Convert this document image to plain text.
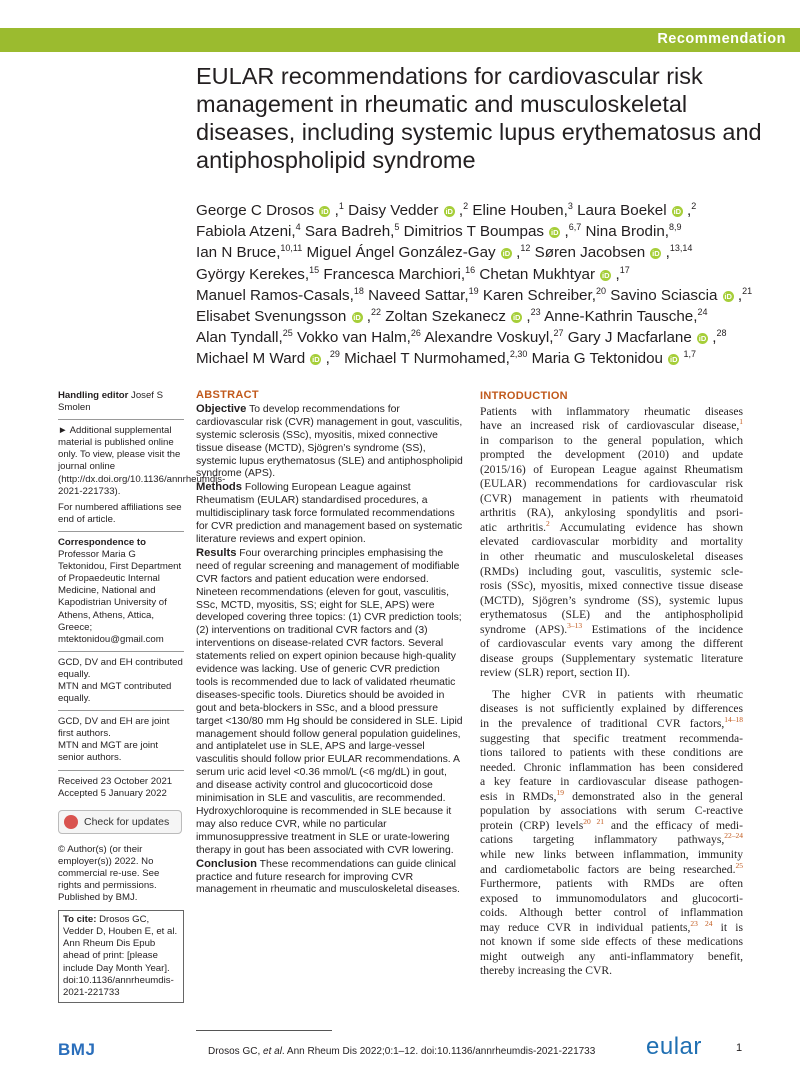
Recommendation
EULAR recommendations for cardiovascular risk
management in rheumatic and musculoskeletal
diseases, including systemic lupus erythematosus and
antiphospholipid syndrome
George C Drosos iD ,$^1$ Daisy Vedder iD ,$^2$ Eline Houben,$^3$ Laura Boekel iD ,$^2$
Fabiola Atzeni,$^4$ Sara Badreh,$^5$ Dimitrios T Boumpas iD ,$^{6,7}$ Nina Brodin,$^{8,9}$
Ian N Bruce,$^{10,11}$ Miguel Ángel González-Gay iD ,$^{12}$ Søren Jacobsen iD ,$^{13,14}$
György Kerekes,$^{15}$ Francesca Marchiori,$^{16}$ Chetan Mukhtyar iD ,$^{17}$
Manuel Ramos-Casals,$^{18}$ Naveed Sattar,$^{19}$ Karen Schreiber,$^{20}$ Savino Sciascia iD ,$^{21}$
Elisabet Svenungsson iD ,$^{22}$ Zoltan Szekanecz iD ,$^{23}$ Anne-Kathrin Tausche,$^{24}$
Alan Tyndall,$^{25}$ Vokko van Halm,$^{26}$ Alexandre Voskuyl,$^{27}$ Gary J Macfarlane iD ,$^{28}$
Michael M Ward iD ,$^{29}$ Michael T Nurmohamed,$^{2,30}$ Maria G Tektonidou iD $^{1,7}$

Handling editor Josef S Smolen

► Additional supplemental material is published online only. To view, please visit the journal online (http://dx.doi.org/10.1136/annrheumdis-2021-221733).

For numbered affiliations see end of article.

Correspondence to

Professor Maria G Tektonidou, First Department of Propaedeutic Internal Medicine, National and Kapodistrian University of Athens, Athens, Attica, Greece; mtektonidou@gmail.com

GCD, DV and EH contributed equally.

MTN and MGT contributed equally.

GCD, DV and EH are joint first authors.

MTN and MGT are joint senior authors.

Received 23 October 2021

Accepted 5 January 2022

Check for updates

© Author(s) (or their employer(s)) 2022. No commercial re-use. See rights and permissions. Published by BMJ.

To cite: Drosos GC, Vedder D, Houben E, et al. Ann Rheum Dis Epub ahead of print: [please include Day Month Year]. doi:10.1136/annrheumdis-2021-221733
ABSTRACT

Objective To develop recommendations for cardiovascular risk (CVR) management in gout, vasculitis, systemic sclerosis (SSc), myositis, mixed connective tissue disease (MCTD), Sjögren’s syndrome (SS), systemic lupus erythematosus (SLE) and antiphospholipid syndrome (APS).

Methods Following European League against Rheumatism (EULAR) standardised procedures, a multidisciplinary task force formulated recommendations for CVR prediction and management based on systematic literature reviews and expert opinion.

Results Four overarching principles emphasising the need of regular screening and management of modifiable CVR factors and patient education were endorsed. Nineteen recommendations (eleven for gout, vasculitis, SSc, MCTD, myositis, SS; eight for SLE, APS) were developed covering three topics: (1) CVR prediction tools; (2) interventions on traditional CVR factors and (3) interventions on disease-related CVR factors. Several statements relied on expert opinion because high-quality evidence was lacking. Use of generic CVR prediction tools is recommended due to lack of validated rheumatic diseases-specific tools. Diuretics should be avoided in gout and beta-blockers in SSc, and a blood pressure target <130/80 mm Hg should be considered in SLE. Lipid management should follow general population guidelines, and antiplatelet use in SLE, APS and large-vessel vasculitis should follow prior EULAR recommendations. A serum uric acid level <0.36 mmol/L (<6 mg/dL) in gout, and disease activity control and glucocorticoid dose minimisation in SLE and vasculitis, are recommended. Hydroxychloroquine is recommended in SLE because it may also reduce CVR, while no particular immunosuppressive treatment in SLE or urate-lowering therapy in gout has been associated with CVR lowering.

Conclusion These recommendations can guide clinical practice and future research for improving CVR management in rheumatic and musculoskeletal diseases.

INTRODUCTION
Patients with inflammatory rheumatic diseases
have an increased risk of cardiovascular disease,$^1$
in comparison to the general population, which
prompted the development (2010) and update
(2015/16) of European League against Rheumatism
(EULAR) recommendations for cardiovascular risk
(CVR) management in patients with rheumatoid
arthritis (RA), ankylosing spondylitis and psori-
atic arthritis.$^2$ Accumulating evidence has shown
elevated cardiovascular morbidity and mortality
in other rheumatic and musculoskeletal diseases
(RMDs) including gout, vasculitis, systemic scle-
rosis (SSc), myositis, mixed connective tissue disease
(MCTD), Sjögren’s syndrome (SS), systemic lupus
erythematosus (SLE) and the antiphospholipid
syndrome (APS).$^{3-13}$ Estimations of the incidence
of cardiovascular events vary among the different
disease groups (Supplementary systematic literature
review (SLR) report, section II).
The higher CVR in patients with rheumatic
diseases is not sufficiently explained by differences
in the prevalence of traditional CVR factors,$^{14-18}$
suggesting that specific treatment recommenda-
tions tailored to patients with these conditions are
needed. Chronic inflammation has been considered
a key feature in cardiovascular disease pathogen-
esis in RMDs,$^{19}$ demonstrated also in the general
population by associations with serum C-reactive
protein (CRP) levels$^{20 21}$ and the efficacy of medi-
cations targeting inflammatory pathways,$^{22-24}$
while new links between inflammation, immunity
and cardiometabolic factors are being researched.$^{25}$
Furthermore, patients with RMDs are often
exposed to immunomodulators and glucocorti-
coids. Although better control of inflammation
may reduce CVR in individual patients,$^{23 24}$ it is
not known if some side effects of these medications
might outweigh any anti-inflammatory benefit,
thereby increasing the CVR.
BMJ	Drosos GC, et al. Ann Rheum Dis 2022;0:1–12. doi:10.1136/annrheumdis-2021-221733 eular	1
